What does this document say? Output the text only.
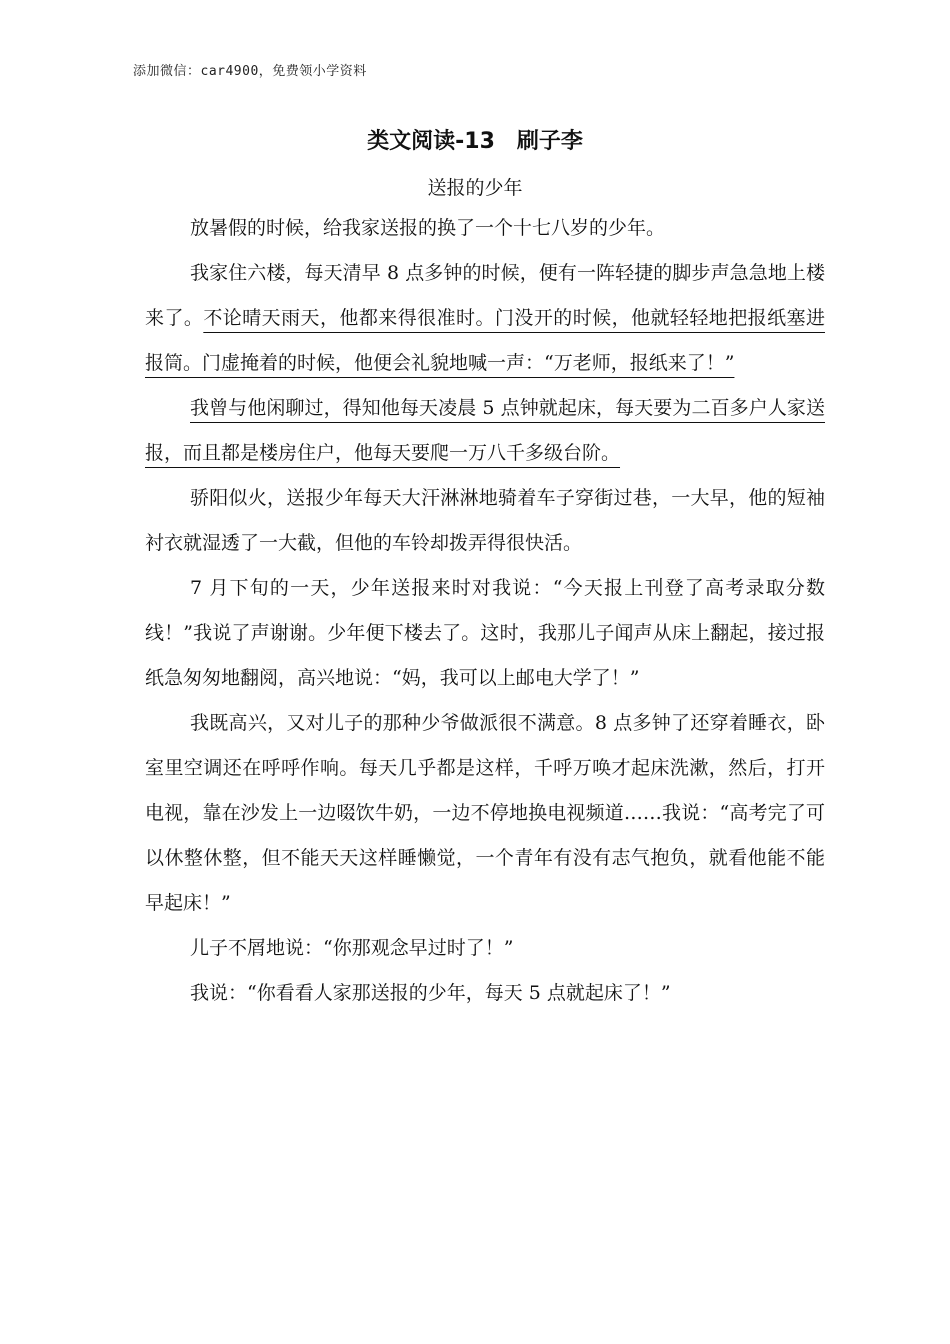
添加微信：car4900，免费领小学资料
类文阅读-13　刷子李
送报的少年

放暑假的时候，给我家送报的换了一个十七八岁的少年。

我家住六楼，每天清早 8 点多钟的时候，便有一阵轻捷的脚步声急急地上楼来了。不论晴天雨天，他都来得很准时。门没开的时候，他就轻轻地把报纸塞进报筒。门虚掩着的时候，他便会礼貌地喊一声：“万老师，报纸来了！”

我曾与他闲聊过，得知他每天凌晨 5 点钟就起床，每天要为二百多户人家送报，而且都是楼房住户，他每天要爬一万八千多级台阶。

骄阳似火，送报少年每天大汗淋淋地骑着车子穿街过巷，一大早，他的短袖衬衣就湿透了一大截，但他的车铃却拨弄得很快活。

7 月下旬的一天，少年送报来时对我说：“今天报上刊登了高考录取分数线！”我说了声谢谢。少年便下楼去了。这时，我那儿子闻声从床上翻起，接过报纸急匆匆地翻阅，高兴地说：“妈，我可以上邮电大学了！”

我既高兴，又对儿子的那种少爷做派很不满意。8 点多钟了还穿着睡衣，卧室里空调还在呼呼作响。每天几乎都是这样，千呼万唤才起床洗漱，然后，打开电视，靠在沙发上一边啜饮牛奶，一边不停地换电视频道……我说：“高考完了可以休整休整，但不能天天这样睡懒觉，一个青年有没有志气抱负，就看他能不能早起床！”

儿子不屑地说：“你那观念早过时了！”

我说：“你看看人家那送报的少年，每天 5 点就起床了！”
